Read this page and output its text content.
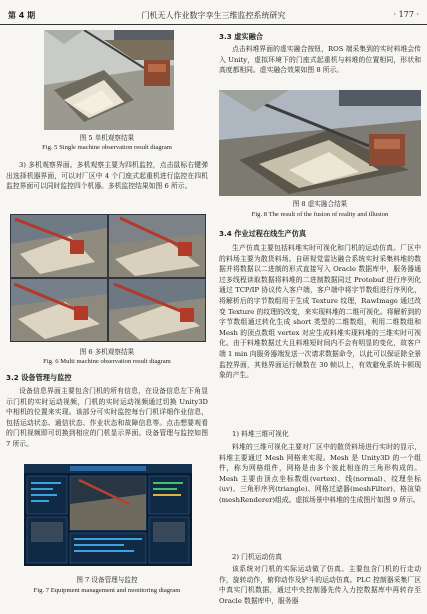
第 4 期	门机无人作业数字孪生三维监控系统研究	· 177 ·
图 5 单机观察结果
Fig. 5 Single machine observation result diagram
3) 多机观察界面。多机观察主要为四机监控，点击鼠标右键弹出选择机器界面，可以对厂区中 4 个门座式起重机进行监控在四机监控界面可以同时监控四个机器。多机监控结果如图 6 所示。
图 6 多机观察结果
Fig. 6 Multi machine observation result diagram
3.2 设备管理与监控
设备信息界面主要包含门机的所有信息，在设备信息左下角显示门机的实时运动视频，门机的实时运动视频通过切换 Unity3D 中相机的位置来实现。该部分可实时监控每台门机详细作业信息，包括运动状态、通信状态、作业状态和故障信息等。点击想要观看的门机视频即可切换到相应的门机显示界面。设备管理与监控如图 7 所示。
图 7 设备管理与监控
Fig. 7 Equipment management and monitoring diagram
3.3 虚实融合
点击料堆界面的虚实融合按钮，ROS 端采集到的实时料堆会传入 Unity，虚拟环境下的门座式起重机与料堆的位置相同，形状和高度都相同。虚实融合效果如图 8 所示。
图 8 虚实融合结果
Fig. 8 The result of the fusion of reality and illusion
3.4 作业过程在线生产仿真
生产仿真主要包括料堆实时可视化和门机的运动仿真。厂区中的料场主要为散货料场。自研视觉雷达融合系统实时采集料堆的数据并将数据以二进制的形式直接写入 Oracle 数据库中，服务器通过多线程读取数据将料堆的二进制数据同过 Protobuf 进行序列化通过 TCP/IP 协议传入客户端，客户端中将字节数组进行序列化，将解析后的字节数组用于生成 Texture 纹理，RawImage 通过改变 Texture 的纹理的改变，来实现料堆的二维可视化。将解析到的字节数组通过转化生成 short 类型的二维数组，利用二维数组和 Mesh 的顶点数组 vertex 对应生成料堆实现料堆的三维实时可视化。由于料堆数据过大且料堆短时间内不会有明显的变化，故客户端 1 min 向服务器端发送一次请求数据命令，以此可以保证除全景监控界面，其他界面运行帧数在 30 帧以上，有效避免系统卡顿现象的产生。
1) 料堆三维可视化
料堆的三维可视化主要对厂区中的散货料场进行实时的显示，料堆主要通过 Mesh 网格来实现。Mesh 是 Unity3D 的一个组件，称为网格组件，网格是由多个彼此相连的三角形构成的。Mesh 主要由顶点坐标数组(vertex)、线(normal)、纹理坐标(uv)、三角形序列(triangle)、网格过滤器(meshFilter)、格渲染(meshRenderer)组成。虚拟场景中料堆的生成图片如图 9 所示。
2) 门机运动仿真
该系统对门机的实际运动做了仿真。主要包含门机的行走动作，旋转动作，俯仰动作及铲斗的运动仿真。PLC 控制器采集厂区中真实门机数据，通过中央控制器先传入力控数据库中再转存至 Oracle 数据库中，服务器
